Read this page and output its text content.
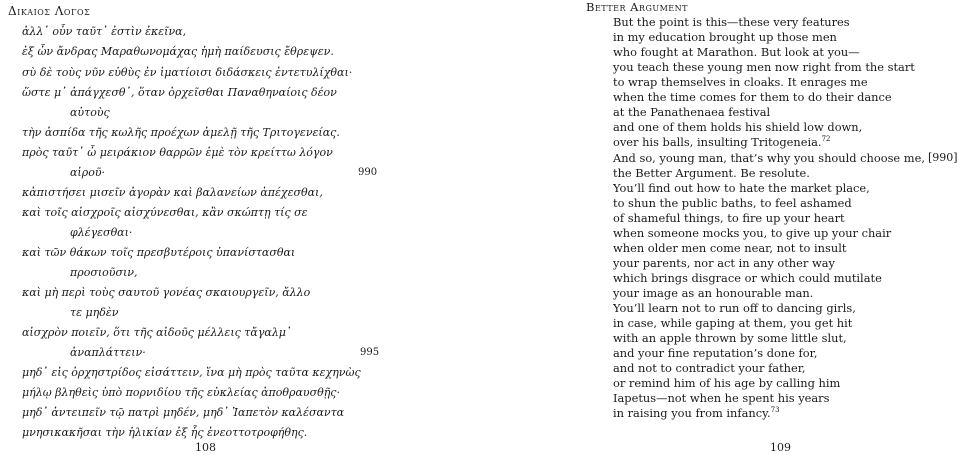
Δικαιος Λογος
ἀλλ᾽ οὖν ταῦτ᾽ ἐστὶν ἐκεῖνα,
ἐξ ὧν ἄνδρας Μαραθωνομάχας ἡμὴ παίδευσις ἔθρεψεν.
σὺ δὲ τοὺς νῦν εὐθὺς ἐν ἱματίοισι διδάσκεις ἐντετυλίχθαι·
ὥστε μ᾽ ἀπάγχεσθ᾽, ὅταν ὀρχεῖσθαι Παναθηναίοις δέον
αὐτοὺς
τὴν ἀσπίδα τῆς κωλῆς προέχων ἀμελῇ τῆς Τριτογενείας.
πρὸς ταῦτ᾽ ὦ μειράκιον θαρρῶν ἐμὲ τὸν κρείττω λόγον
αἱροῦ·	990
κἀπιστήσει μισεῖν ἀγορὰν καὶ βαλανείων ἀπέχεσθαι,
καὶ τοῖς αἰσχροῖς αἰσχύνεσθαι, κἂν σκώπτῃ τίς σε
φλέγεσθαι·
καὶ τῶν θάκων τοῖς πρεσβυτέροις ὑπανίστασθαι
προσιοῦσιν,
καὶ μὴ περὶ τοὺς σαυτοῦ γονέας σκαιουργεῖν, ἄλλο
τε μηδὲν
αἰσχρὸν ποιεῖν, ὅτι τῆς αἰδοῦς μέλλεις τἄγαλμ᾽
ἀναπλάττειν·	995
μηδ᾽ εἰς ὀρχηστρίδος εἰσάττειν, ἵνα μὴ πρὸς ταῦτα κεχηνὼς
μήλῳ βληθεὶς ὑπὸ πορνιδίου τῆς εὐκλείας ἀποθραυσθῇς·
μηδ᾽ ἀντειπεῖν τῷ πατρὶ μηδέν, μηδ᾽ Ἰαπετὸν καλέσαντα
μνησικακῆσαι τὴν ἡλικίαν ἐξ ἧς ἐνεοττοτροφήθης.
108
Better Argument
But the point is this—these very features
in my education brought up those men
who fought at Marathon. But look at you—
you teach these young men now right from the start
to wrap themselves in cloaks. It enrages me
when the time comes for them to do their dance
at the Panathenaea festival
and one of them holds his shield low down,
over his balls, insulting Tritogeneia.$^{72}$
And so, young man, that’s why you should choose me, [990]
the Better Argument. Be resolute.
You’ll find out how to hate the market place,
to shun the public baths, to feel ashamed
of shameful things, to fire up your heart
when someone mocks you, to give up your chair
when older men come near, not to insult
your parents, nor act in any other way
which brings disgrace or which could mutilate
your image as an honourable man.
You’ll learn not to run off to dancing girls,
in case, while gaping at them, you get hit
with an apple thrown by some little slut,
and your fine reputation’s done for,
and not to contradict your father,
or remind him of his age by calling him
Iapetus—not when he spent his years
in raising you from infancy.$^{73}$
109
